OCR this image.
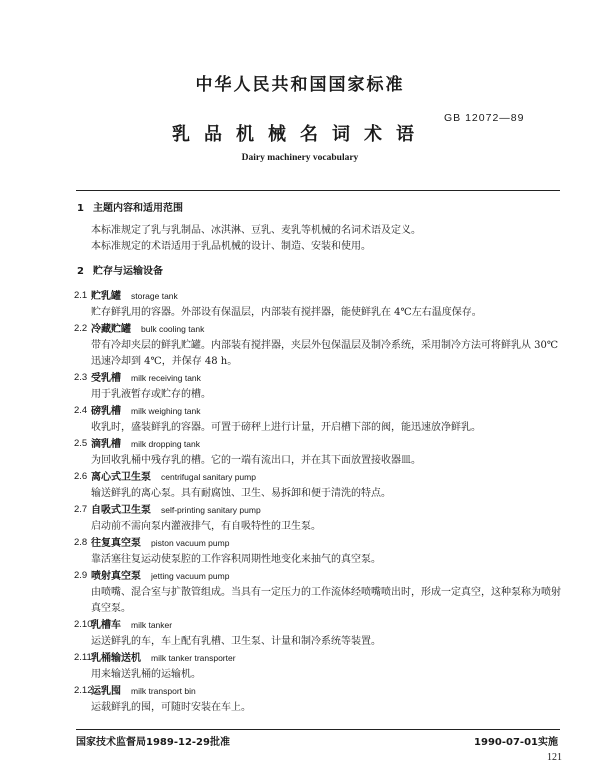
中华人民共和国国家标准
GB 12072—89
乳品机械名词术语
Dairy machinery vocabulary
1 主题内容和适用范围
本标准规定了乳与乳制品、冰淇淋、豆乳、麦乳等机械的名词术语及定义。
本标准规定的术语适用于乳品机械的设计、制造、安装和使用。
2 贮存与运输设备
2.1 贮乳罐 storage tank
贮存鲜乳用的容器。外部设有保温层，内部装有搅拌器，能使鲜乳在 4℃左右温度保存。
2.2 冷藏贮罐 bulk cooling tank
带有冷却夹层的鲜乳贮罐。内部装有搅拌器，夹层外包保温层及制冷系统，采用制冷方法可将鲜乳从 30℃迅速冷却到 4℃，并保存 48 h。
2.3 受乳槽 milk receiving tank
用于乳液暂存或贮存的槽。
2.4 磅乳槽 milk weighing tank
收乳时，盛装鲜乳的容器。可置于磅秤上进行计量，开启槽下部的阀，能迅速放净鲜乳。
2.5 滴乳槽 milk dropping tank
为回收乳桶中残存乳的槽。它的一端有流出口，并在其下面放置接收器皿。
2.6 离心式卫生泵 centrifugal sanitary pump
输送鲜乳的离心泵。具有耐腐蚀、卫生、易拆卸和便于清洗的特点。
2.7 自吸式卫生泵 self-printing sanitary pump
启动前不需向泵内灌液排气，有自吸特性的卫生泵。
2.8 往复真空泵 piston vacuum pump
靠活塞往复运动使泵腔的工作容积周期性地变化来抽气的真空泵。
2.9 喷射真空泵 jetting vacuum pump
由喷嘴、混合室与扩散管组成。当具有一定压力的工作流体经喷嘴喷出时，形成一定真空，这种泵称为喷射真空泵。
2.10
乳槽车 milk tanker
运送鲜乳的车，车上配有乳槽、卫生泵、计量和制冷系统等装置。
2.11 乳桶输送机 milk tanker transporter
用来输送乳桶的运输机。
2.12
运乳囤 milk transport bin
运载鲜乳的囤，可随时安装在车上。
国家技术监督局1989-12-29批准	1990-07-01实施
121
